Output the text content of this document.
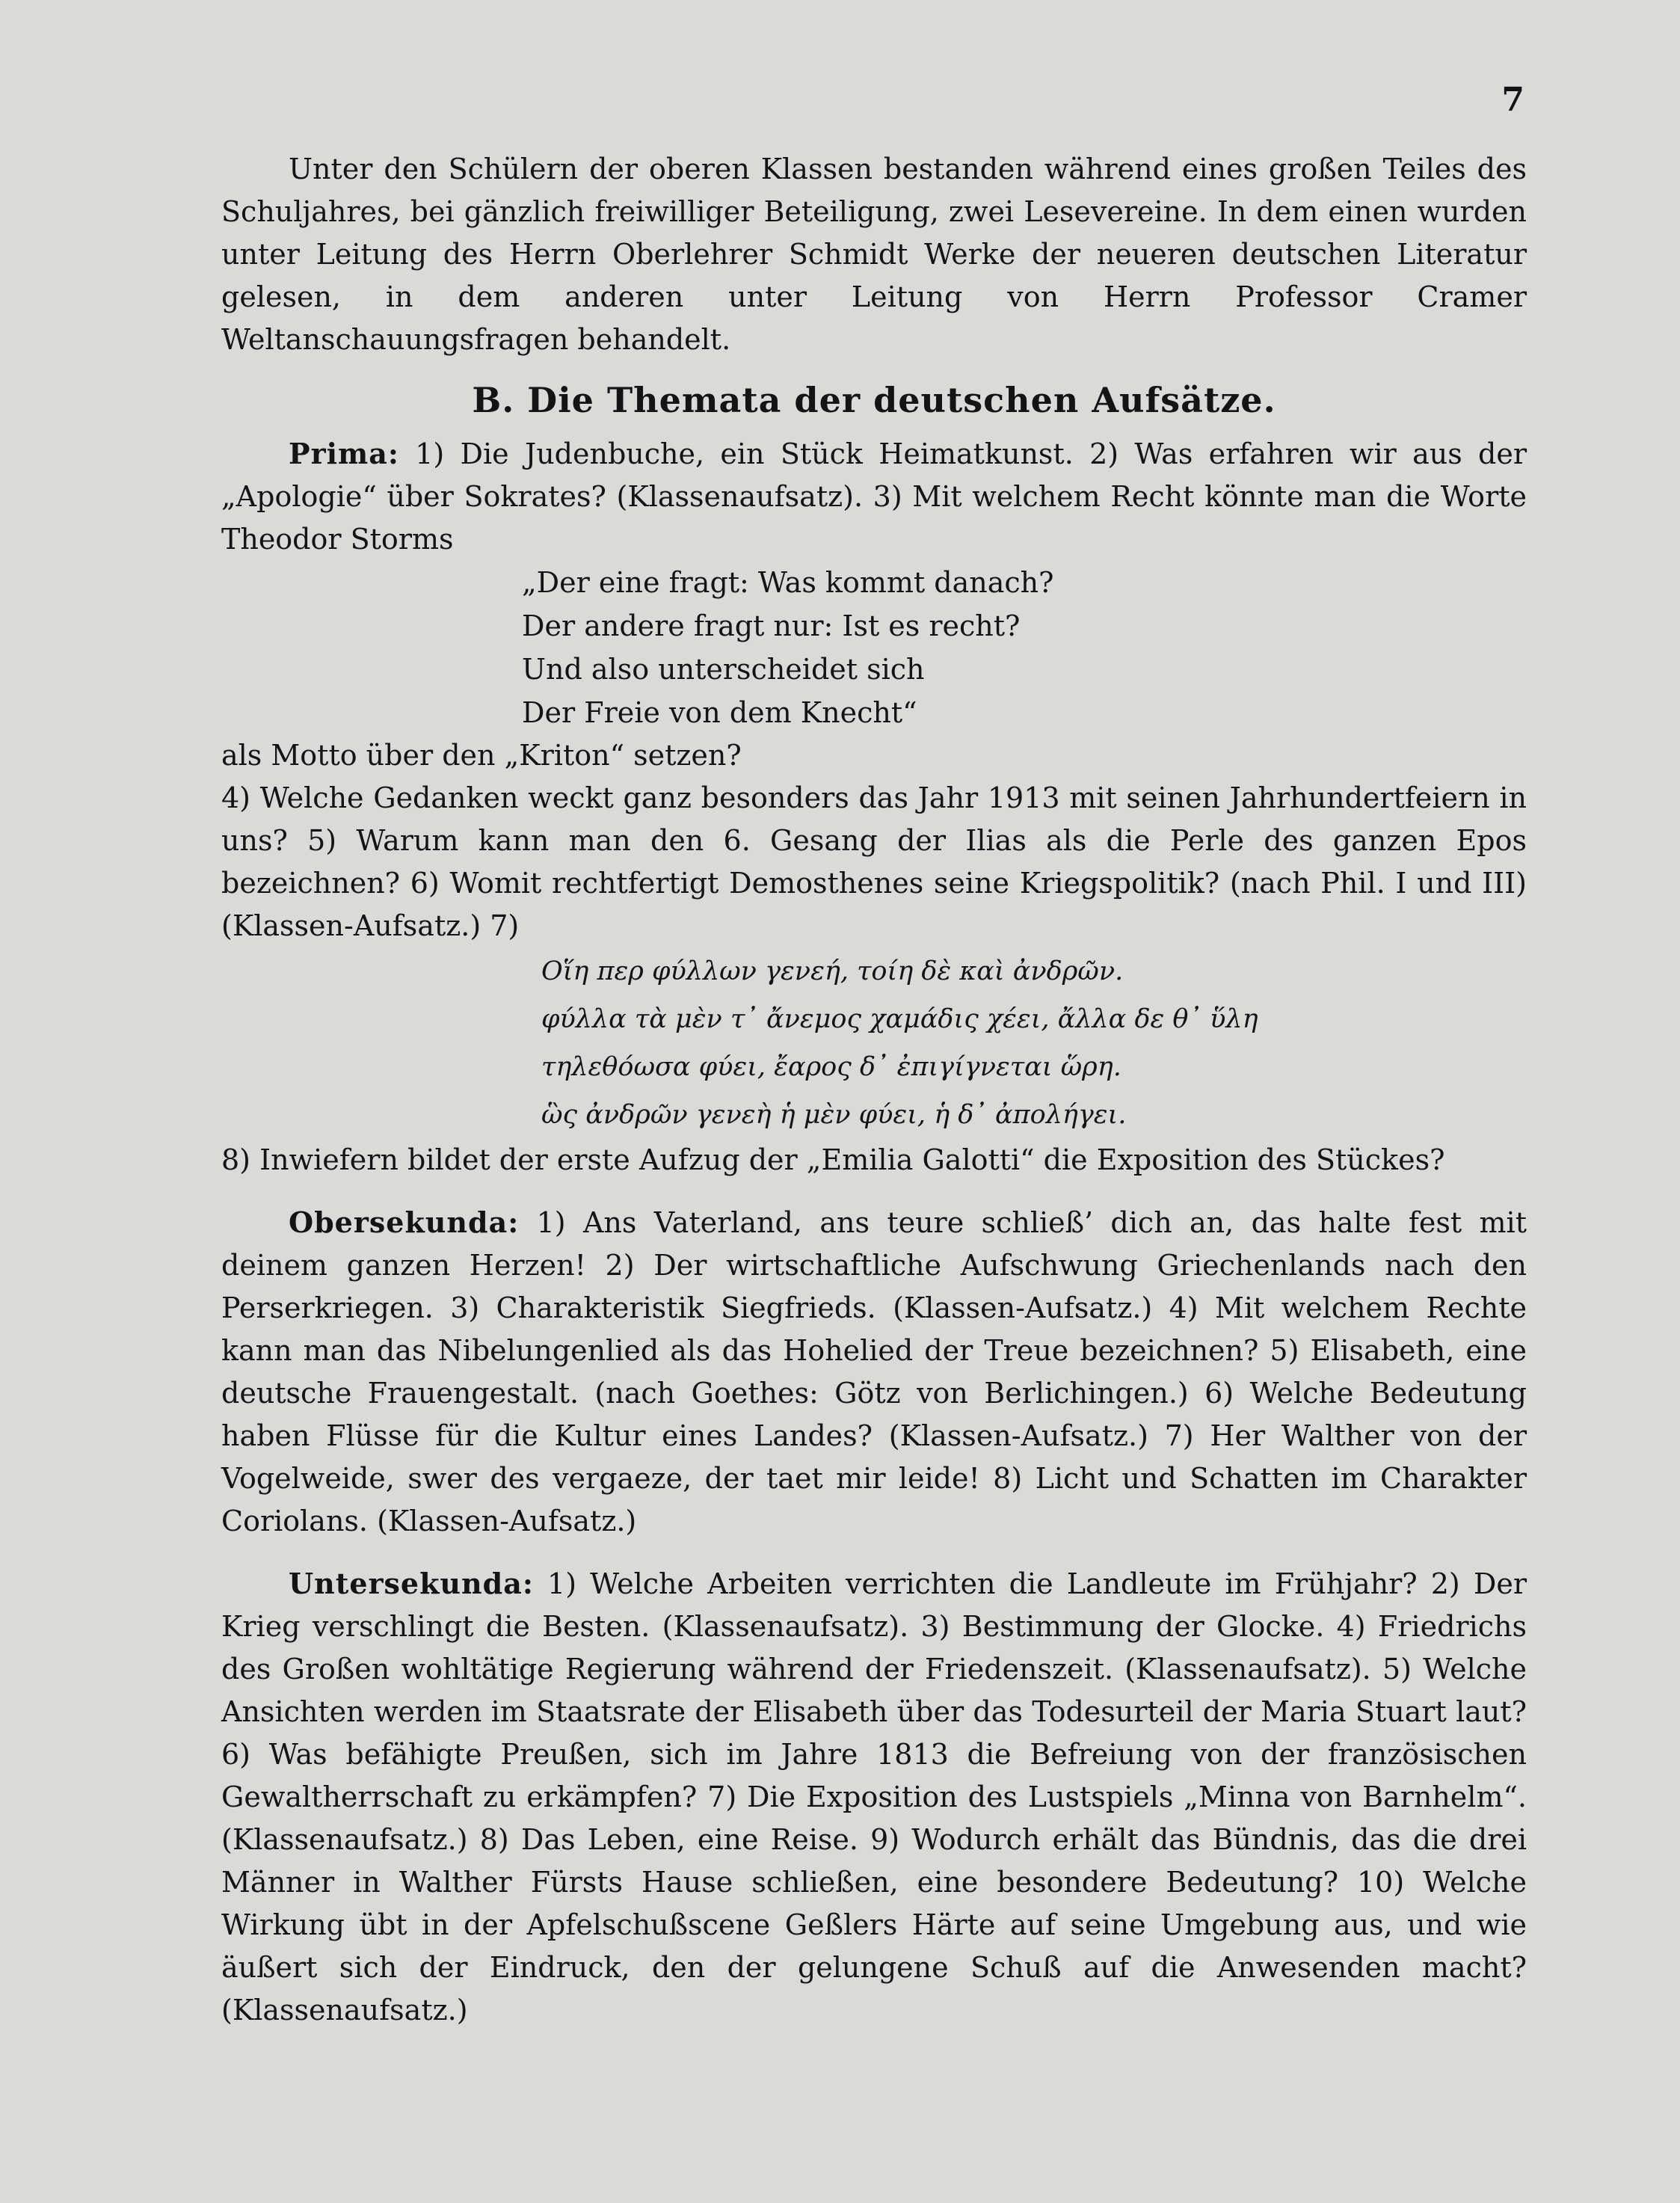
7

Unter den Schülern der oberen Klassen bestanden während eines großen Teiles des Schuljahres, bei gänzlich freiwilliger Beteiligung, zwei Lesevereine. In dem einen wurden unter Leitung des Herrn Oberlehrer Schmidt Werke der neueren deutschen Literatur gelesen, in dem anderen unter Leitung von Herrn Professor Cramer Weltanschauungsfragen behandelt.

B. Die Themata der deutschen Aufsätze.

Prima: 1) Die Judenbuche, ein Stück Heimatkunst. 2) Was erfahren wir aus der „Apologie“ über Sokrates? (Klassenaufsatz). 3) Mit welchem Recht könnte man die Worte Theodor Storms

„Der eine fragt: Was kommt danach?
Der andere fragt nur: Ist es recht?
Und also unterscheidet sich
Der Freie von dem Knecht“

als Motto über den „Kriton“ setzen?

4) Welche Gedanken weckt ganz besonders das Jahr 1913 mit seinen Jahrhundertfeiern in uns? 5) Warum kann man den 6. Gesang der Ilias als die Perle des ganzen Epos bezeichnen? 6) Womit rechtfertigt Demosthenes seine Kriegspolitik? (nach Phil. I und III) (Klassen-Aufsatz.) 7)

Οἵη περ φύλλων γενεή, τοίη δὲ καὶ ἀνδρῶν.
φύλλα τὰ μὲν τ᾽ ἄνεμος χαμάδις χέει, ἄλλα δε θ᾽ ὕλη
τηλεθόωσα φύει, ἔαρος δ᾽ ἐπιγίγνεται ὥρη.
ὣς ἀνδρῶν γενεὴ ἡ μὲν φύει, ἡ δ᾽ ἀπολήγει.

8) Inwiefern bildet der erste Aufzug der „Emilia Galotti“ die Exposition des Stückes?

Obersekunda: 1) Ans Vaterland, ans teure schließ’ dich an, das halte fest mit deinem ganzen Herzen! 2) Der wirtschaftliche Aufschwung Griechenlands nach den Perserkriegen. 3) Charakteristik Siegfrieds. (Klassen-Aufsatz.) 4) Mit welchem Rechte kann man das Nibelungenlied als das Hohelied der Treue bezeichnen? 5) Elisabeth, eine deutsche Frauengestalt. (nach Goethes: Götz von Berlichingen.) 6) Welche Bedeutung haben Flüsse für die Kultur eines Landes? (Klassen-Aufsatz.) 7) Her Walther von der Vogelweide, swer des vergaeze, der taet mir leide! 8) Licht und Schatten im Charakter Coriolans. (Klassen-Aufsatz.)

Untersekunda: 1) Welche Arbeiten verrichten die Landleute im Frühjahr? 2) Der Krieg verschlingt die Besten. (Klassenaufsatz). 3) Bestimmung der Glocke. 4) Friedrichs des Großen wohltätige Regierung während der Friedenszeit. (Klassenaufsatz). 5) Welche Ansichten werden im Staatsrate der Elisabeth über das Todesurteil der Maria Stuart laut? 6) Was befähigte Preußen, sich im Jahre 1813 die Befreiung von der französischen Gewaltherrschaft zu erkämpfen? 7) Die Exposition des Lustspiels „Minna von Barnhelm“. (Klassenaufsatz.) 8) Das Leben, eine Reise. 9) Wodurch erhält das Bündnis, das die drei Männer in Walther Fürsts Hause schließen, eine besondere Bedeutung? 10) Welche Wirkung übt in der Apfelschußscene Geßlers Härte auf seine Umgebung aus, und wie äußert sich der Eindruck, den der gelungene Schuß auf die Anwesenden macht? (Klassenaufsatz.)
